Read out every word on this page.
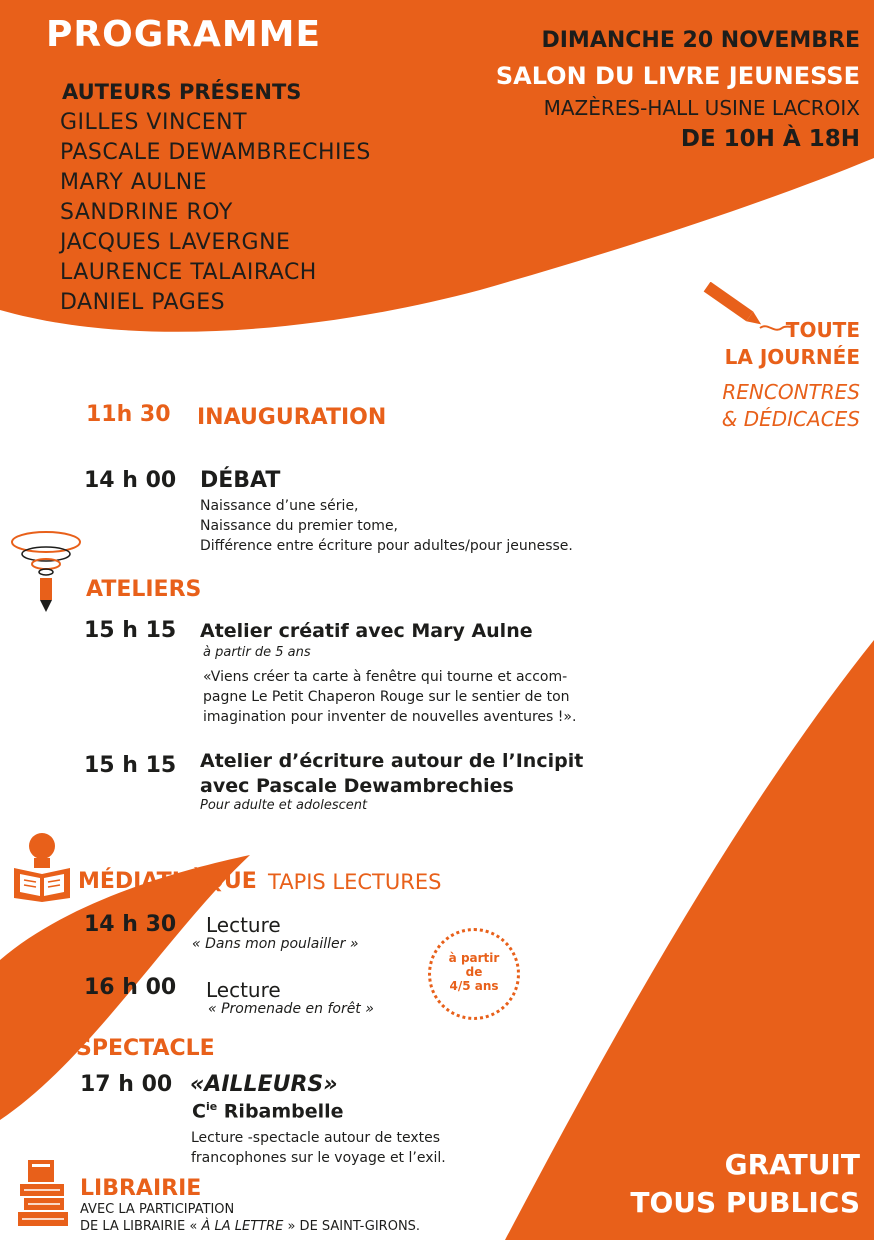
PROGRAMME	DIMANCHE 20 NOVEMBRE
SALON DU LIVRE JEUNESSE
MAZÈRES-HALL USINE LACROIX
DE 10H À 18H
AUTEURS PRÉSENTS
GILLES VINCENT
PASCALE DEWAMBRECHIES
MARY AULNE
SANDRINE ROY
JACQUES LAVERGNE
LAURENCE TALAIRACH
DANIEL PAGES
TOUTE
LA JOURNÉE
RENCONTRES
& DÉDICACES
11h 30 INAUGURATION
14 h 00 DÉBAT
Naissance d’une série,
Naissance du premier tome,
Différence entre écriture pour adultes/pour jeunesse.
ATELIERS
15 h 15 Atelier créatif avec Mary Aulne
à partir de 5 ans
«Viens créer ta carte à fenêtre qui tourne et accom-
pagne Le Petit Chaperon Rouge sur le sentier de ton
imagination pour inventer de nouvelles aventures !».
15 h 15 Atelier d’écriture autour de l’Incipit
avec Pascale Dewambrechies
Pour adulte et adolescent
MÉDIATHÈQUE TAPIS LECTURES
14 h 30 Lecture
« Dans mon poulailler »
16 h 00 Lecture
« Promenade en forêt »
à partir
de
4/5 ans
SPECTACLE
17 h 00 «AILLEURS»
$C^{ie}$ Ribambelle
Lecture -spectacle autour de textes
francophones sur le voyage et l’exil.
LIBRAIRIE
AVEC LA PARTICIPATION
DE LA LIBRAIRIE « À LA LETTRE » DE SAINT-GIRONS.
GRATUIT
TOUS PUBLICS
